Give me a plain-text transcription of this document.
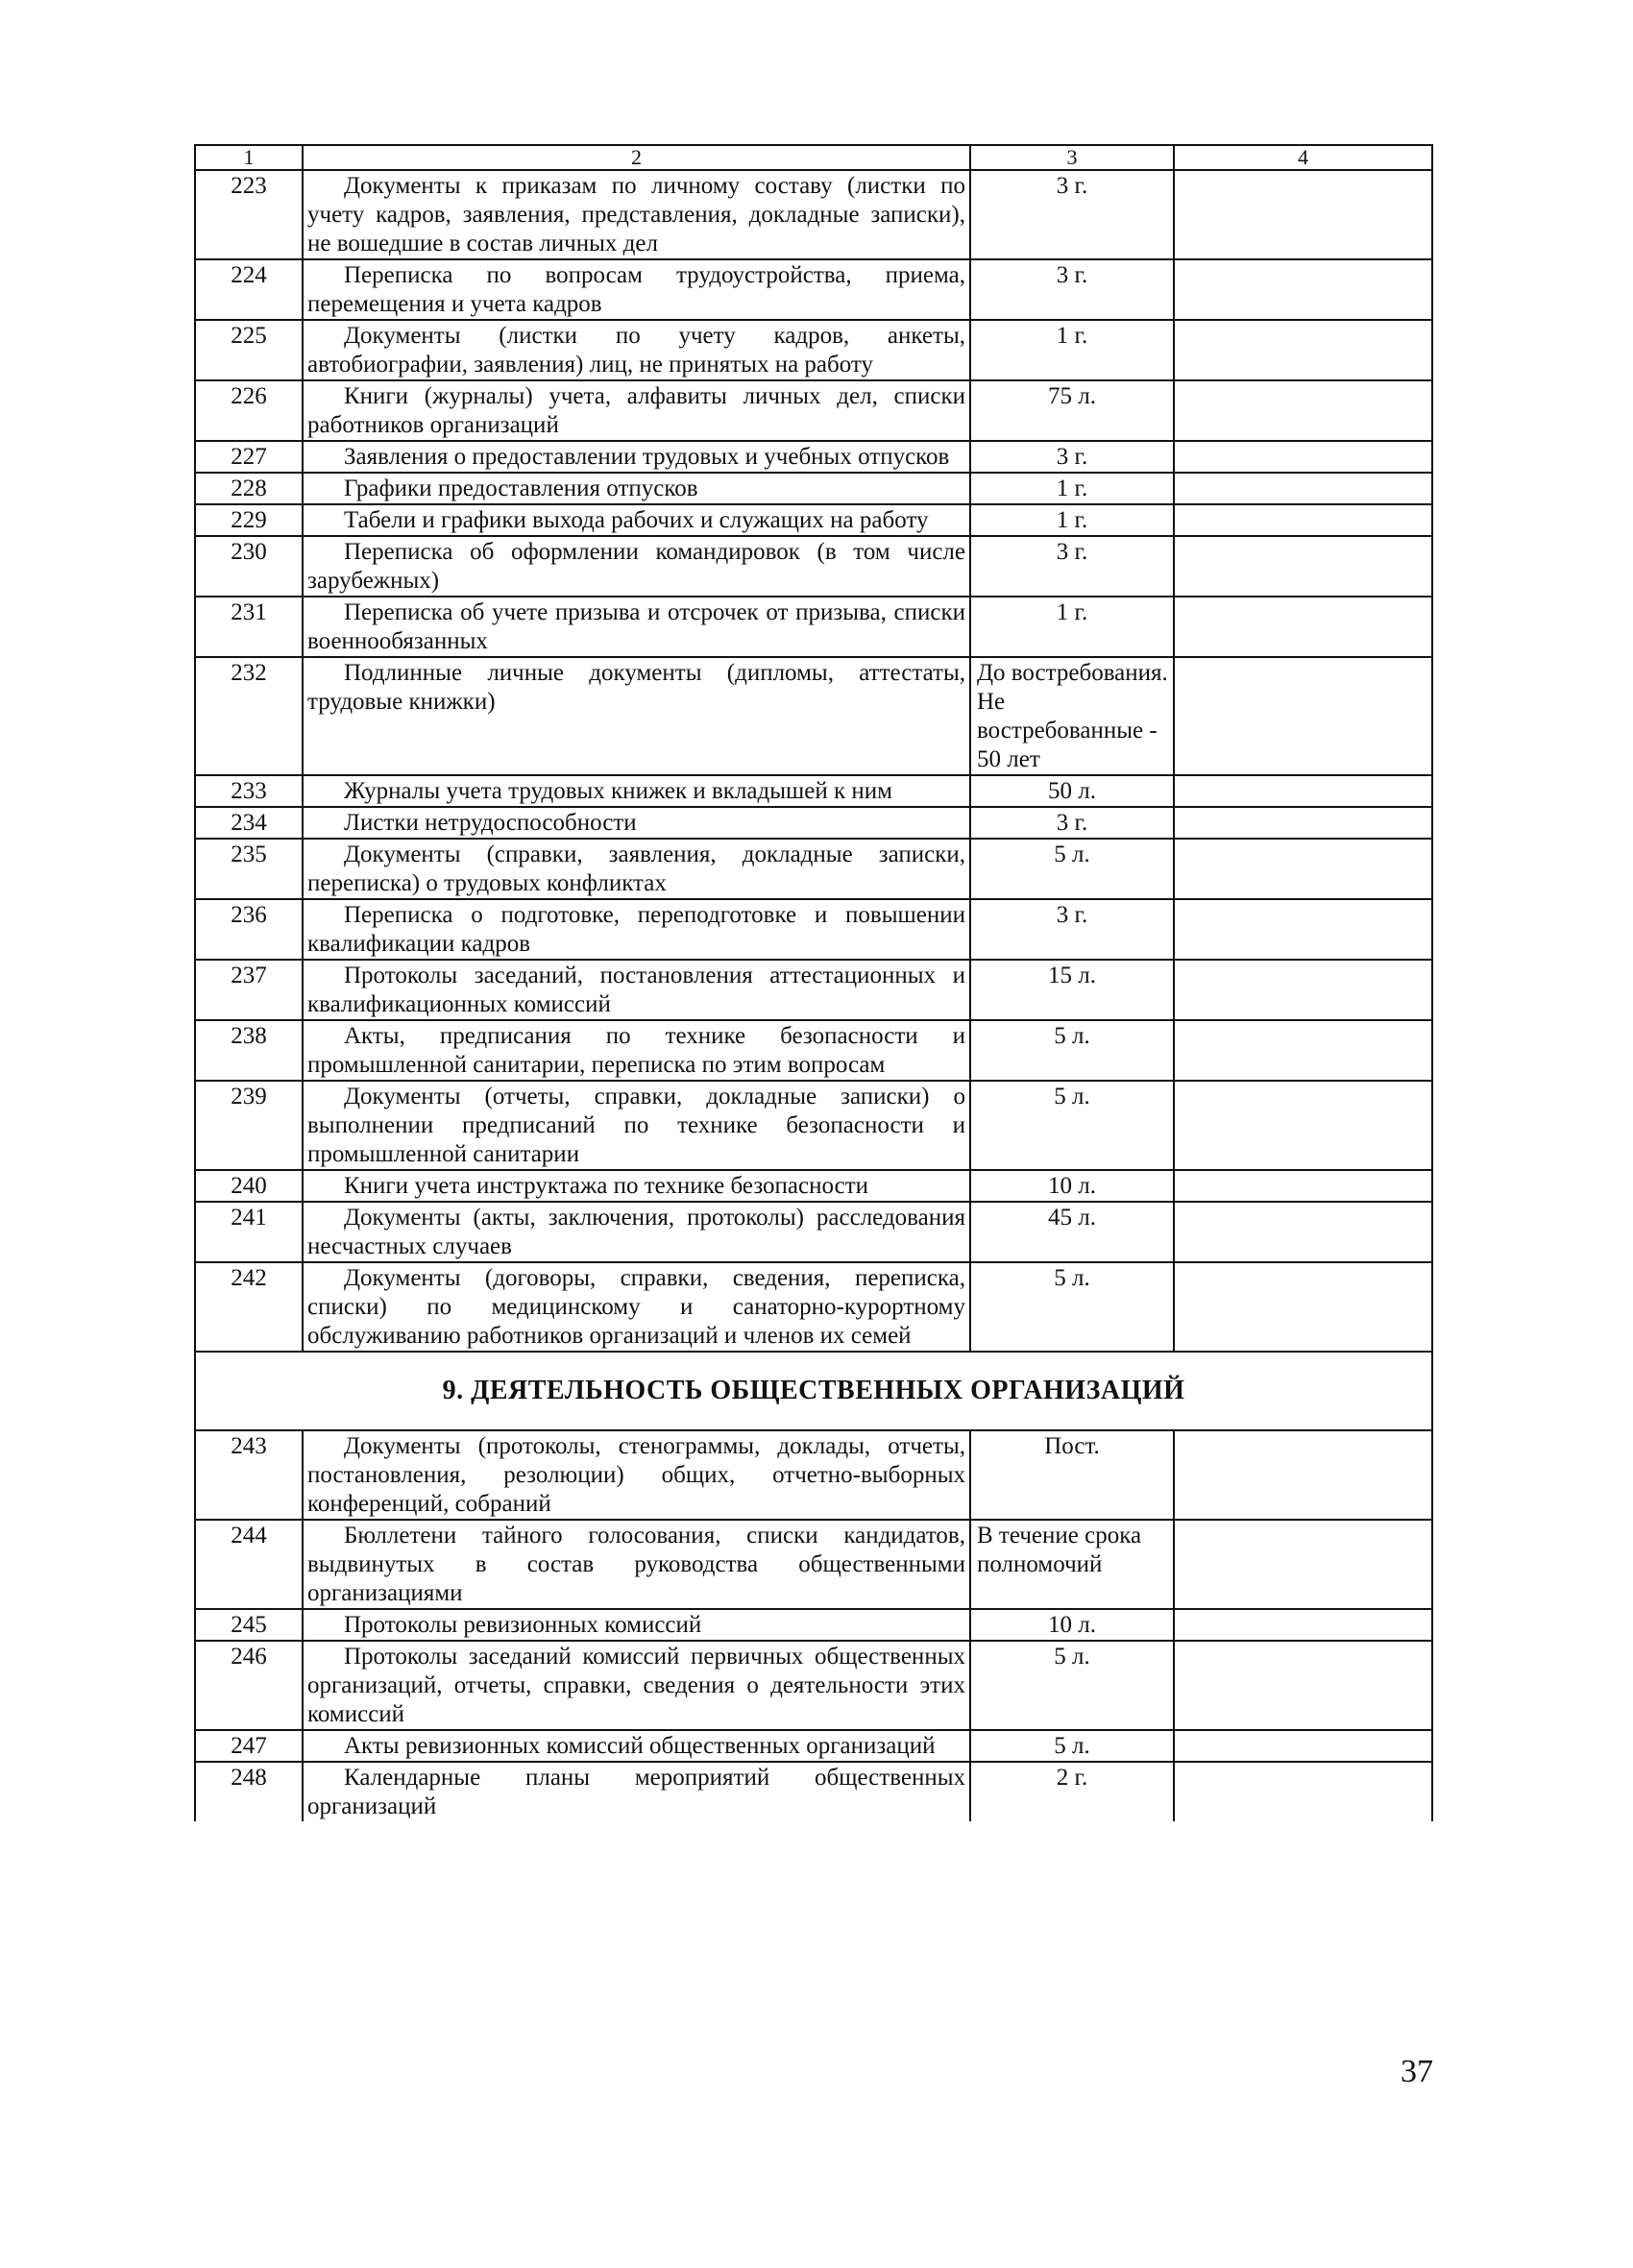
1	2	3	4
223	Документы к приказам по личному составу (листки по учету кадров, заявления, представления, докладные записки), не вошедшие в состав личных дел	3 г.	
224	Переписка по вопросам трудоустройства, приема, перемещения и учета кадров	3 г.	
225	Документы (листки по учету кадров, анкеты, автобиографии, заявления) лиц, не принятых на работу	1 г.	
226	Книги (журналы) учета, алфавиты личных дел, списки работников организаций	75 л.	
227	Заявления о предоставлении трудовых и учебных отпусков	3 г.	
228	Графики предоставления отпусков	1 г.	
229	Табели и графики выхода рабочих и служащих на работу	1 г.	
230	Переписка об оформлении командировок (в том числе зарубежных)	3 г.	
231	Переписка об учете призыва и отсрочек от призыва, списки военнообязанных	1 г.	
232	Подлинные личные документы (дипломы, аттестаты, трудовые книжки)	До востребования. Не востребованные - 50 лет	
233	Журналы учета трудовых книжек и вкладышей к ним	50 л.	
234	Листки нетрудоспособности	3 г.	
235	Документы (справки, заявления, докладные записки, переписка) о трудовых конфликтах	5 л.	
236	Переписка о подготовке, переподготовке и повышении квалификации кадров	3 г.	
237	Протоколы заседаний, постановления аттестационных и квалификационных комиссий	15 л.	
238	Акты, предписания по технике безопасности и промышленной санитарии, переписка по этим вопросам	5 л.	
239	Документы (отчеты, справки, докладные записки) о выполнении предписаний по технике безопасности и промышленной санитарии	5 л.	
240	Книги учета инструктажа по технике безопасности	10 л.	
241	Документы (акты, заключения, протоколы) расследования несчастных случаев	45 л.	
242	Документы (договоры, справки, сведения, переписка, списки) по медицинскому и санаторно-курортному обслуживанию работников организаций и членов их семей	5 л.	
9. ДЕЯТЕЛЬНОСТЬ ОБЩЕСТВЕННЫХ ОРГАНИЗАЦИЙ			
243	Документы (протоколы, стенограммы, доклады, отчеты, постановления, резолюции) общих, отчетно-выборных конференций, собраний	Пост.	
244	Бюллетени тайного голосования, списки кандидатов, выдвинутых в состав руководства общественными организациями	В течение срока полномочий	
245	Протоколы ревизионных комиссий	10 л.	
246	Протоколы заседаний комиссий первичных общественных организаций, отчеты, справки, сведения о деятельности этих комиссий	5 л.	
247	Акты ревизионных комиссий общественных организаций	5 л.	
248	Календарные планы мероприятий общественных организаций	2 г.	
37
